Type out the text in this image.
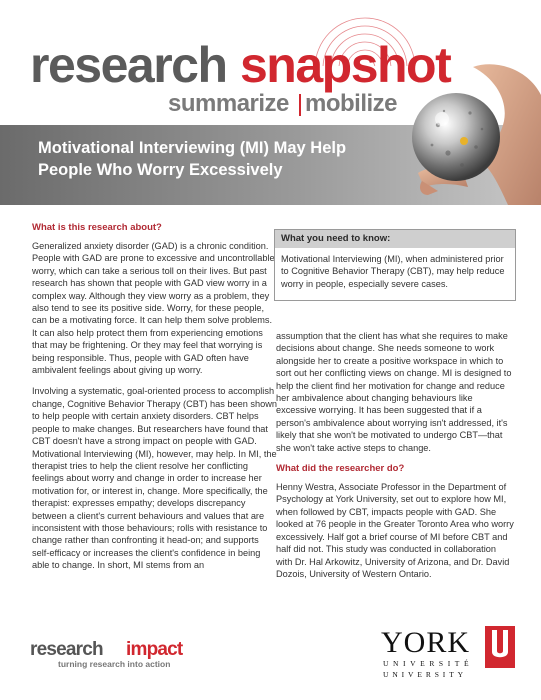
research snapshot
summarize mobilize
Motivational Interviewing (MI) May Help
People Who Worry Excessively
What is this research about?

Generalized anxiety disorder (GAD) is a chronic condition. People with GAD are prone to excessive and uncontrollable worry, which can take a serious toll on their lives. But past research has shown that people with GAD view worry in a complex way. Although they view worry as a problem, they also tend to see its positive side. Worry, for these people, can be a motivating force. It can help them solve problems. It can also help protect them from experiencing emotions that may be frightening. Or they may feel that worrying is being responsible. Thus, people with GAD often have ambivalent feelings about giving up worry.

Involving a systematic, goal-oriented process to accomplish change, Cognitive Behavior Therapy (CBT) has been shown to help people with certain anxiety disorders. CBT helps people to make changes. But researchers have found that CBT doesn't have a strong impact on people with GAD. Motivational Interviewing (MI), however, may help. In MI, the therapist tries to help the client resolve her conflicting feelings about worry and change in order to increase her motivation for, or interest in, change. More specifically, the therapist: expresses empathy; develops discrepancy between a client's current behaviours and values that are inconsistent with those behaviours; rolls with resistance to change rather than confronting it head-on; and supports self-efficacy or increases the client's confidence in being able to change. In short, MI stems from an

What you need to know:
Motivational Interviewing (MI), when administered prior to Cognitive Behavior Therapy (CBT), may help reduce worry in people, especially severe cases.

assumption that the client has what she requires to make decisions about change. She needs someone to work alongside her to create a positive workspace in which to sort out her conflicting views on change. MI is designed to help the client find her motivation for change and reduce her ambivalence about changing behaviours like excessive worrying. It has been suggested that if a person's ambivalence about worrying isn't addressed, it's likely that she won't be motivated to undergo CBT—that she won't take active steps to change.

What did the researcher do?

Henny Westra, Associate Professor in the Department of Psychology at York University, set out to explore how MI, when followed by CBT, impacts people with GAD. She looked at 76 people in the Greater Toronto Area who worry excessively. Half got a brief course of MI before CBT and half did not. This study was conducted in collaboration with Dr. Hal Arkowitz, University of Arizona, and Dr. David Dozois, University of Western Ontario.

research impact
turning research into action
YORK
UNIVERSITÉ
UNIVERSITY
